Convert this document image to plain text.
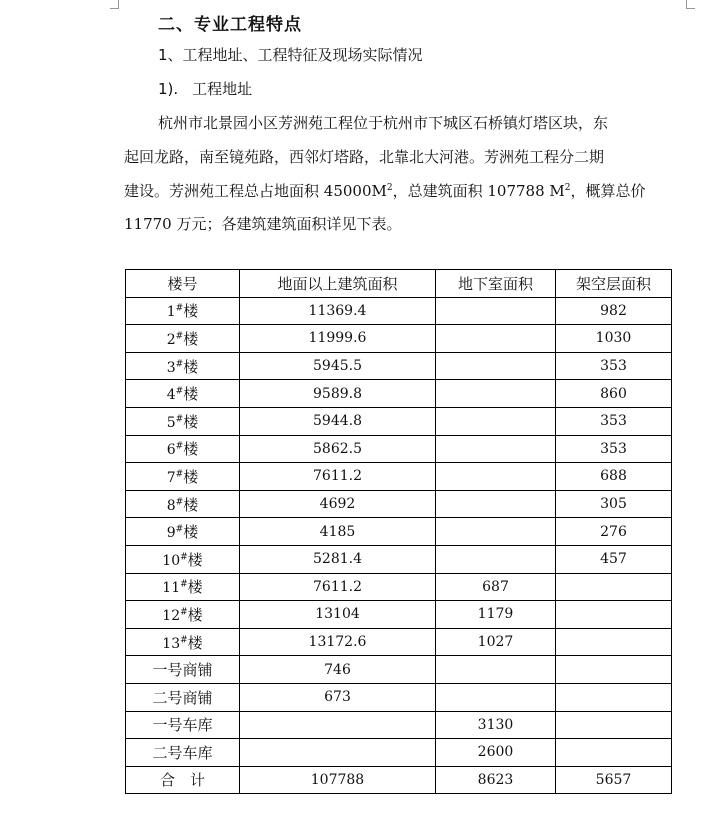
二、专业工程特点
1、工程地址、工程特征及现场实际情况
1). 工程地址
杭州市北景园小区芳洲苑工程位于杭州市下城区石桥镇灯塔区块，东
起回龙路，南至镜苑路，西邻灯塔路，北靠北大河港。芳洲苑工程分二期
建设。芳洲苑工程总占地面积 $45000M^2$，总建筑面积 107788 $M^2$，概算总价
11770 万元；各建筑建筑面积详见下表。
楼号	地面以上建筑面积	地下室面积	架空层面积
1#楼	11369.4		982
2#楼	11999.6		1030
3#楼	5945.5		353
4#楼	9589.8		860
5#楼	5944.8		353
6#楼	5862.5		353
7#楼	7611.2		688
8#楼	4692		305
9#楼	4185		276
10#楼	5281.4		457
11#楼	7611.2	687	
12#楼	13104	1179	
13#楼	13172.6	1027	
一号商铺	746		
二号商铺	673		
一号车库		3130	
二号车库		2600	
合　计	107788	8623	5657
